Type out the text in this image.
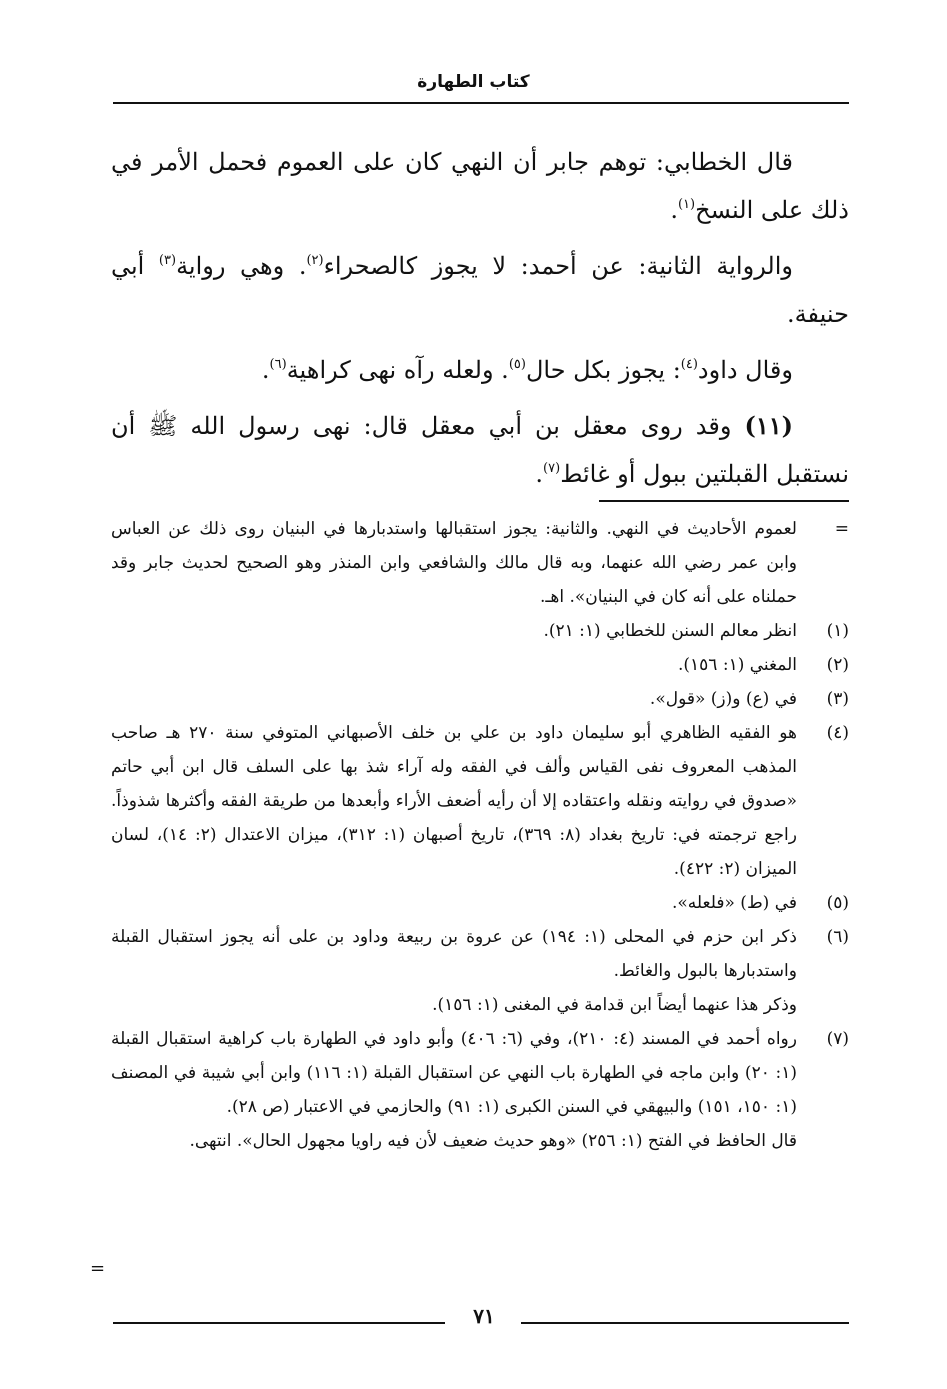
كتاب الطهارة

قال الخطابي: توهم جابر أن النهي كان على العموم فحمل الأمر في ذلك على النسخ$^{(١)}$.

والرواية الثانية: عن أحمد: لا يجوز كالصحراء$^{(٢)}$. وهي رواية$^{(٣)}$ أبي حنيفة.

وقال داود$^{(٤)}$: يجوز بكل حال$^{(٥)}$. ولعله رآه نهى كراهية$^{(٦)}$.

(١١) وقد روى معقل بن أبي معقل قال: نهى رسول الله ﷺ أن نستقبل القبلتين ببول أو غائط$^{(٧)}$.

=
لعموم الأحاديث في النهي. والثانية: يجوز استقبالها واستدبارها في البنيان روى ذلك عن العباس وابن عمر رضي الله عنهما، وبه قال مالك والشافعي وابن المنذر وهو الصحيح لحديث جابر وقد حملناه على أنه كان في البنيان». اهـ.
(١)
انظر معالم السنن للخطابي (١: ٢١).
(٢)
المغني (١: ١٥٦).
(٣)
في (ع) و(ز) «قول».
(٤)
هو الفقيه الظاهري أبو سليمان داود بن علي بن خلف الأصبهاني المتوفي سنة ٢٧٠ هـ صاحب المذهب المعروف نفى القياس وألف في الفقه وله آراء شذ بها على السلف قال ابن أبي حاتم «صدوق في روايته ونقله واعتقاده إلا أن رأيه أضعف الأراء وأبعدها من طريقة الفقه وأكثرها شذوذاً. راجع ترجمته في: تاريخ بغداد (٨: ٣٦٩)، تاريخ أصبهان (١: ٣١٢)، ميزان الاعتدال (٢: ١٤)، لسان الميزان (٢: ٤٢٢).
(٥)
في (ط) «فلعله».
(٦)
ذكر ابن حزم في المحلى (١: ١٩٤) عن عروة بن ربيعة وداود بن على أنه يجوز استقبال القبلة واستدبارها بالبول والغائط.
وذكر هذا عنهما أيضاً ابن قدامة في المغنى (١: ١٥٦).
(٧)
رواه أحمد في المسند (٤: ٢١٠)، وفي (٦: ٤٠٦) وأبو داود في الطهارة باب كراهية استقبال القبلة (١: ٢٠) وابن ماجه في الطهارة باب النهي عن استقبال القبلة (١: ١١٦) وابن أبي شيبة في المصنف (١: ١٥٠، ١٥١) والبيهقي في السنن الكبرى (١: ٩١) والحازمي في الاعتبار (ص ٢٨).
قال الحافظ في الفتح (١: ٢٥٦) «وهو حديث ضعيف لأن فيه راويا مجهول الحال». انتهى.
=
٧١
